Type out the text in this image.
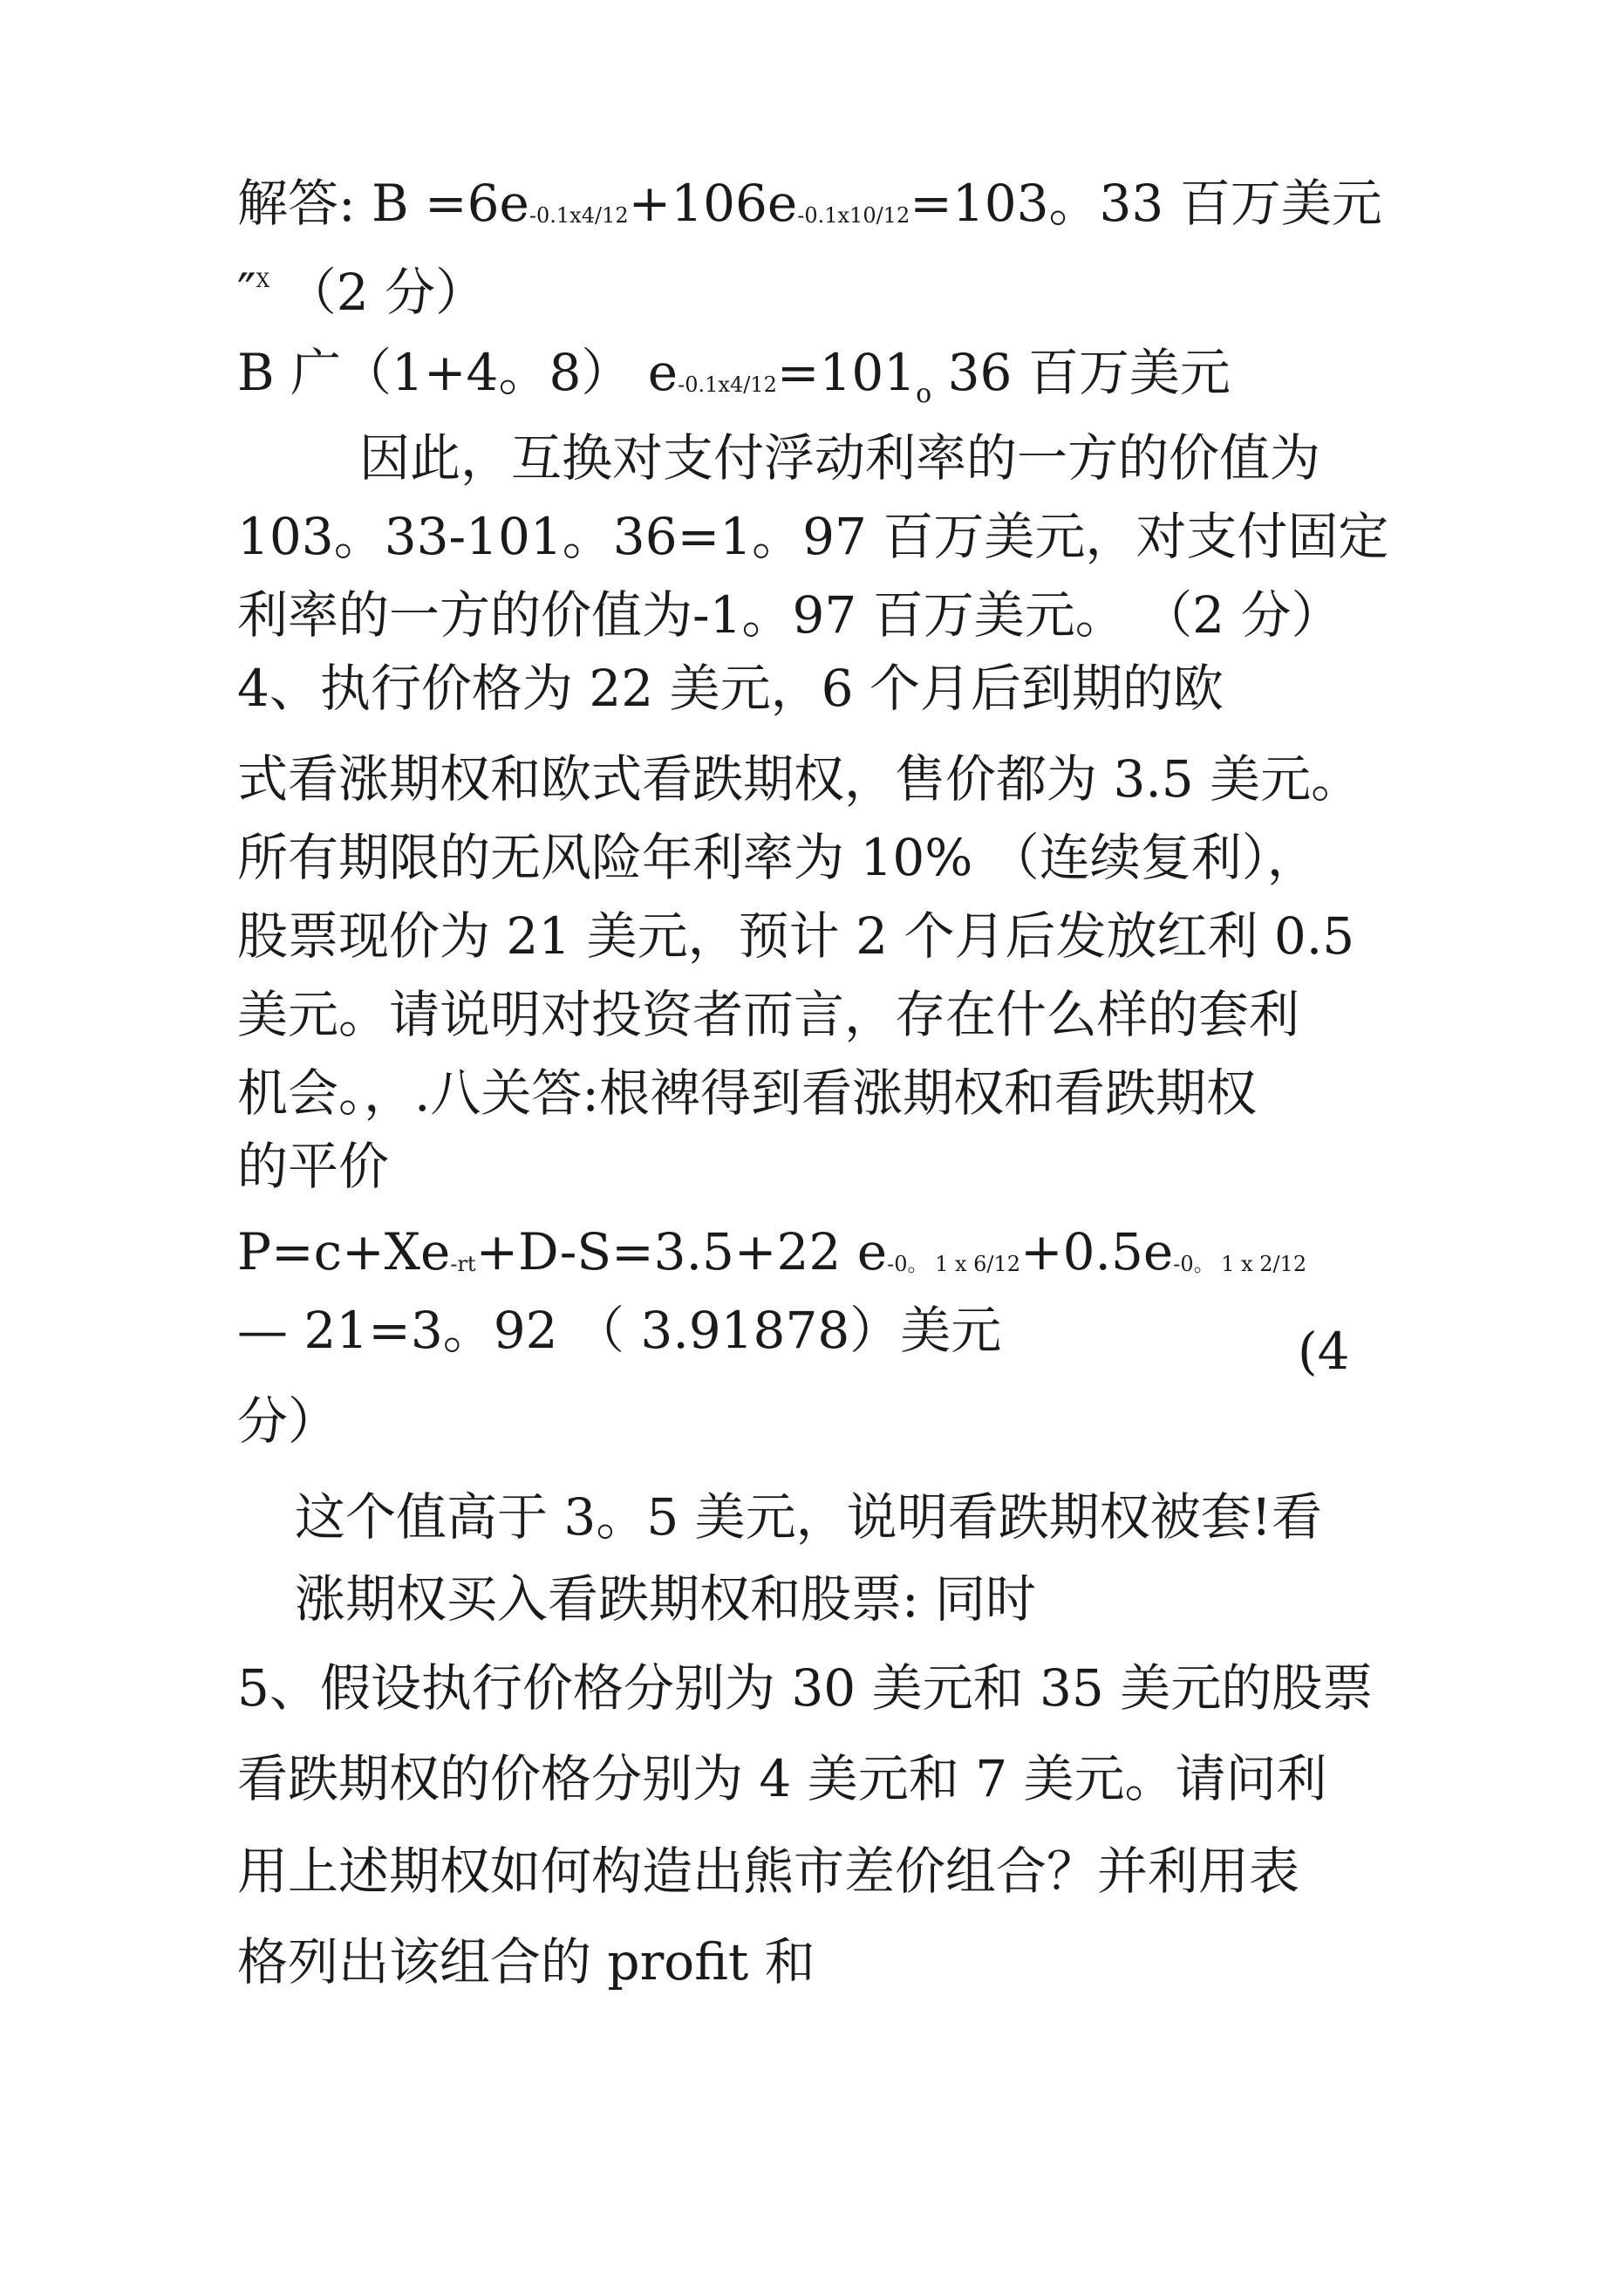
解答: B =6e-0.1x4/12+106e-0.1x10/12=103。33 百万美元
″$^X$ （2 分）
B 广（1+4。8） $e-0.1x4/12=101_o$ 36 百万美元
因此，互换对支付浮动利率的一方的价值为
103。33-101。36=1。97 百万美元，对支付固定
利率的一方的价值为-1。97 百万美元。 （2 分）
4、执行价格为 22 美元，6 个月后到期的欧
式看涨期权和欧式看跌期权，售价都为 3.5 美元。
所有期限的无风险年利率为 10% （连续复利），
股票现价为 21 美元，预计 2 个月后发放红利 0.5
美元。请说明对投资者而言，存在什么样的套利
机会。，.八关答:根裨得到看涨期权和看跌期权
的平价
P=c+Xe-rt+D-S=3.5+22 e-0。 1 x 6/12+0.5e-0。 1 x 2/12
— 21=3。92 （ 3.91878）美元	(4
分）
这个值高于 3。5 美元，说明看跌期权被套!看
涨期权买入看跌期权和股票: 同时
5、假设执行价格分别为 30 美元和 35 美元的股票
看跌期权的价格分别为 4 美元和 7 美元。请问利
用上述期权如何构造出熊市差价组合？并利用表
格列出该组合的 profit 和
